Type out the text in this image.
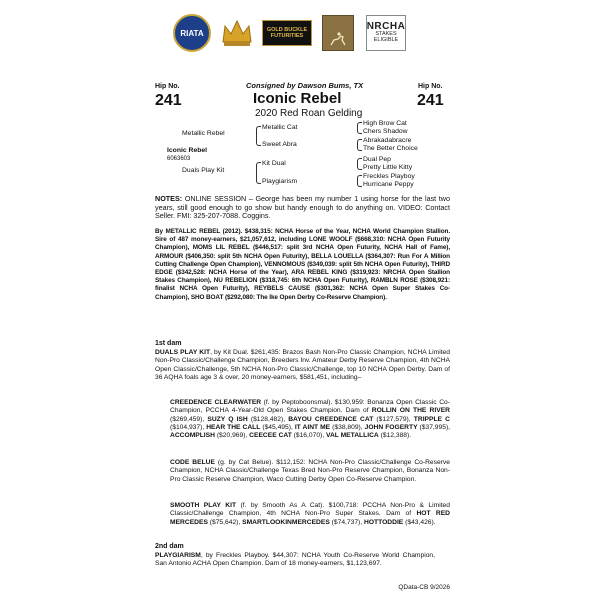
RIATA	GOLD BUCKLE
FUTURITIES
NRCHA
STAKES
ELIGIBLE
Hip No.
241
Hip No.
241
Consigned by Dawson Bums, TX
Iconic Rebel
2020 Red Roan Gelding
Metallic Rebel
Iconic Rebel
6063603
Duals Play Kit
Metallic Cat
Sweet Abra
Kit Dual
Playgiarism
High Brow Cat
Chers Shadow
Abrakadabracre
The Better Choice
Dual Pep
Pretty Little Kitty
Freckles Playboy
Hurricane Peppy
NOTES: ONLINE SESSION – George has been my number 1 using horse for the last two years, still good enough to go show but handy enough to do anything on. VIDEO: Contact Seller. FMI: 325-207-7088. Coggins.
By METALLIC REBEL (2012). $438,315: NCHA Horse of the Year, NCHA World Champion Stallion. Sire of 487 money-earners, $21,057,612, including LONE WOOLF ($668,310: NCHA Open Futurity Champion), MOMS LIL REBEL ($446,517: split 3rd NCHA Open Futurity, NCHA Hall of Fame), ARMOUR ($406,350: split 5th NCHA Open Futurity), BELLA LOUELLA ($364,307: Run For A Million Cutting Challenge Open Champion), VENNOMOUS ($349,039: split 5th NCHA Open Futurity), THIRD EDGE ($342,528: NCHA Horse of the Year), ARA REBEL KING ($319,923: NRCHA Open Stallion Stakes Champion), NU REBELION ($318,745: 6th NCHA Open Futurity), RAMBLN ROSE ($308,921: finalist NCHA Open Futurity), REYBELS CAUSE ($301,362: NCHA Open Super Stakes Co-Champion), SHO BOAT ($292,080: The Ike Open Derby Co-Reserve Champion).
1st dam
DUALS PLAY KIT, by Kit Dual. $261,435: Brazos Bash Non-Pro Classic Champion, NCHA Limited Non-Pro Classic/Challenge Champion, Breeders Inv. Amateur Derby Reserve Champion, 4th NCHA Open Classic/Challenge, 5th NCHA Non-Pro Classic/Challenge, top 10 NCHA Open Derby. Dam of 36 AQHA foals age 3 & over, 20 money-earners, $581,451, including–
CREEDENCE CLEARWATER (f. by Peptoboonsmal). $130,959: Bonanza Open Classic Co-Champion, PCCHA 4-Year-Old Open Stakes Champion. Dam of ROLLIN ON THE RIVER ($269,459), SUZY Q ISH ($128,482), BAYOU CREEDENCE CAT ($127,579), TRIPPLE C ($104,937), HEAR THE CALL ($45,495), IT AINT ME ($38,809), JOHN FOGERTY ($37,995), ACCOMPLISH ($20,969), CEECEE CAT ($16,070), VAL METALLICA ($12,388).
CODE BELUE (g. by Cat Belue). $112,152: NCHA Non-Pro Classic/Challenge Co-Reserve Champion, NCHA Classic/Challenge Texas Bred Non-Pro Reserve Champion, Bonanza Non-Pro Classic Reserve Champion, Waco Cutting Derby Open Co-Reserve Champion.
SMOOTH PLAY KIT (f. by Smooth As A Cat). $100,718: PCCHA Non-Pro & Limited Classic/Challenge Champion, 4th NCHA Non-Pro Super Stakes. Dam of HOT RED MERCEDES ($75,642), SMARTLOOKINMERCEDES ($74,737), HOTTODDIE ($43,426).
2nd dam
PLAYGIARISM, by Freckles Playboy. $44,307: NCHA Youth Co-Reserve World Champion, San Antonio ACHA Open Champion. Dam of 18 money-earners, $1,123,697.
QData-CB 9/2026
